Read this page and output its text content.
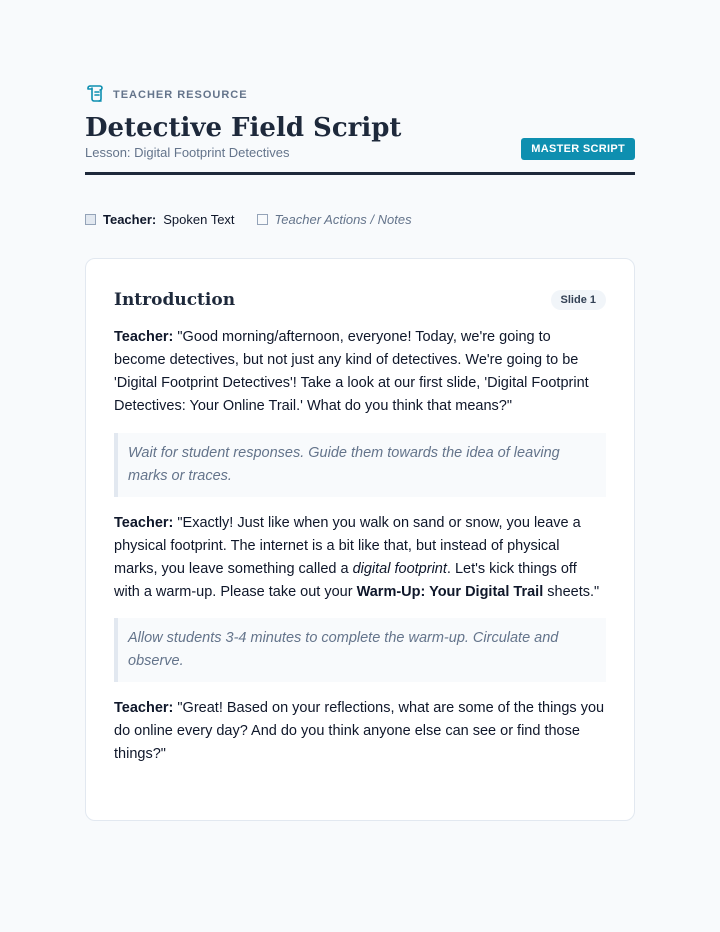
TEACHER RESOURCE
Detective Field Script
Lesson: Digital Footprint Detectives	MASTER SCRIPT
Teacher: Spoken Text	Teacher Actions / Notes
Introduction	Slide 1

Teacher: "Good morning/afternoon, everyone! Today, we're going to become detectives, but not just any kind of detectives. We're going to be 'Digital Footprint Detectives'! Take a look at our first slide, 'Digital Footprint Detectives: Your Online Trail.' What do you think that means?"

Wait for student responses. Guide them towards the idea of leaving marks or traces.

Teacher: "Exactly! Just like when you walk on sand or snow, you leave a physical footprint. The internet is a bit like that, but instead of physical marks, you leave something called a digital footprint. Let's kick things off with a warm-up. Please take out your Warm-Up: Your Digital Trail sheets."

Allow students 3-4 minutes to complete the warm-up. Circulate and observe.

Teacher: "Great! Based on your reflections, what are some of the things you do online every day? And do you think anyone else can see or find those things?"
